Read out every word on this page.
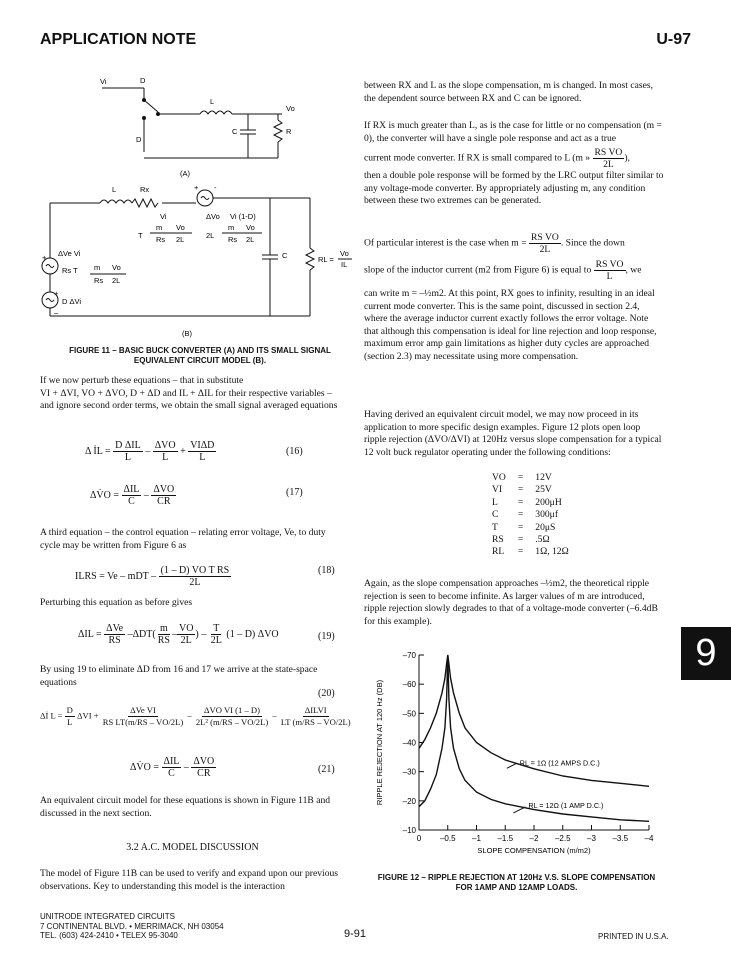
APPLICATION NOTE	U-97
Vi	D
D
L
Vo
C	R
(A)
L	Rx	+ -
Vi	ΔVo Vi (1-D)
T
m Vo
Rs 2L	2L
m Vo
Rs 2L
C	RL =
Vo
IL
+ ΔVe Vi
Rs T m Vo
Rs 2L
+
D ΔVi
–
(B)
FIGURE 11 – BASIC BUCK CONVERTER (A) AND ITS SMALL SIGNAL
EQUIVALENT CIRCUIT MODEL (B).
If we now perturb these equations – that in substitute
VI + ΔVI, VO + ΔVO, D + ΔD and IL + ΔIL for their respective variables – and ignore second order terms, we obtain the small signal averaged equations
Δ İL = $\frac{\text{D ΔIL}}{L} - \frac{\text{ΔVO}}{L} + \frac{\text{VIΔD}}{L}$	(16)
ΔV̇O = $\frac{\text{ΔIL}}{C} - \frac{\text{ΔVO}}{CR}$	(17)
A third equation – the control equation – relating error voltage, Ve, to duty cycle may be written from Figure 6 as
ILRS = Ve – mDT – $\frac{\text{(1 – D) VO T RS}}{2L}$	(18)
Perturbing this equation as before gives
$\Delta IL = \frac{\text{ΔVe}}{RS} -\Delta DT( \frac{m}{RS} - \frac{VO}{2L}$ ) – $\frac{T}{2L} (1 - D)$ ΔVO	(19)
By using 19 to eliminate ΔD from 16 and 17 we arrive at the state-space equations
(20)
Δİ $L = \frac{D}{L}$ $\Delta VI + \frac{\text{ΔVe VI}}{\text{RS LT(m/RS – VO/2L)}} - \frac{\text{ΔVO VI (1 – D)}}{\text{2L² (m/RS – VO/2L)}} - \frac{\text{ΔILVI}}{LT (m/RS - VO/2L)}$
ΔV̇O = $\frac{\text{ΔIL}}{C} - \frac{\text{ΔVO}}{CR}$	(21)
An equivalent circuit model for these equations is shown in Figure 11B and discussed in the next section.
3.2 A.C. MODEL DISCUSSION
The model of Figure 11B can be used to verify and expand upon our previous observations. Key to understanding this model is the interaction
between RX and L as the slope compensation, m is changed. In most cases, the dependent source between RX and C can be ignored.
If RX is much greater than L, as is the case for little or no compensation (m = 0), the converter will have a single pole response and act as a true
current mode converter. If RX is small compared to L (m » $\frac{\text{RS VO}}{2L}$ ),
then a double pole response will be formed by the LRC output filter similar to any voltage-mode converter. By appropriately adjusting m, any condition between these two extremes can be generated.
Of particular interest is the case when $m = \frac{\text{RS VO}}{2L}$ . Since the down
slope of the inductor current (m2 from Figure 6) is equal to $\frac{\text{RS VO}}{L}$ , we
can write m = –½m2. At this point, RX goes to infinity, resulting in an ideal current mode converter. This is the same point, discussed in section 2.4, where the average inductor current exactly follows the error voltage. Note that although this compensation is ideal for line rejection and loop response, maximum error amp gain limitations as higher duty cycles are approached (section 2.3) may necessitate using more compensation.
Having derived an equivalent circuit model, we may now proceed in its application to more specific design examples. Figure 12 plots open loop ripple rejection (ΔVO/ΔVI) at 120Hz versus slope compensation for a typical 12 volt buck regulator operating under the following conditions:
VO	=	12V
VI	=	25V
L	=	200μH
C	=	300μf
T	=	20μS
RS	=	.5Ω
RL	=	1Ω, 12Ω
Again, as the slope compensation approaches –½m2, the theoretical ripple rejection is seen to become infinite. As larger values of m are introduced, ripple rejection slowly degrades to that of a voltage-mode converter (–6.4dB for this example).
9
–70
–60
–50
–40
–30
–20
–10
0 –0.5 –1 –1.5 –2 –2.5 –3 –3.5 –4
SLOPE COMPENSATION (m/m2)
RIPPLE REJECTION AT 120 Hz (DB)	RL = 1Ω (12 AMPS D.C.)
RL = 12Ω (1 AMP D.C.)
FIGURE 12 – RIPPLE REJECTION AT 120Hz V.S. SLOPE COMPENSATION
FOR 1AMP AND 12AMP LOADS.
UNITRODE INTEGRATED CIRCUITS
7 CONTINENTAL BLVD. • MERRIMACK, NH 03054
TEL. (603) 424-2410 • TELEX 95-3040	9-91	PRINTED IN U.S.A.
